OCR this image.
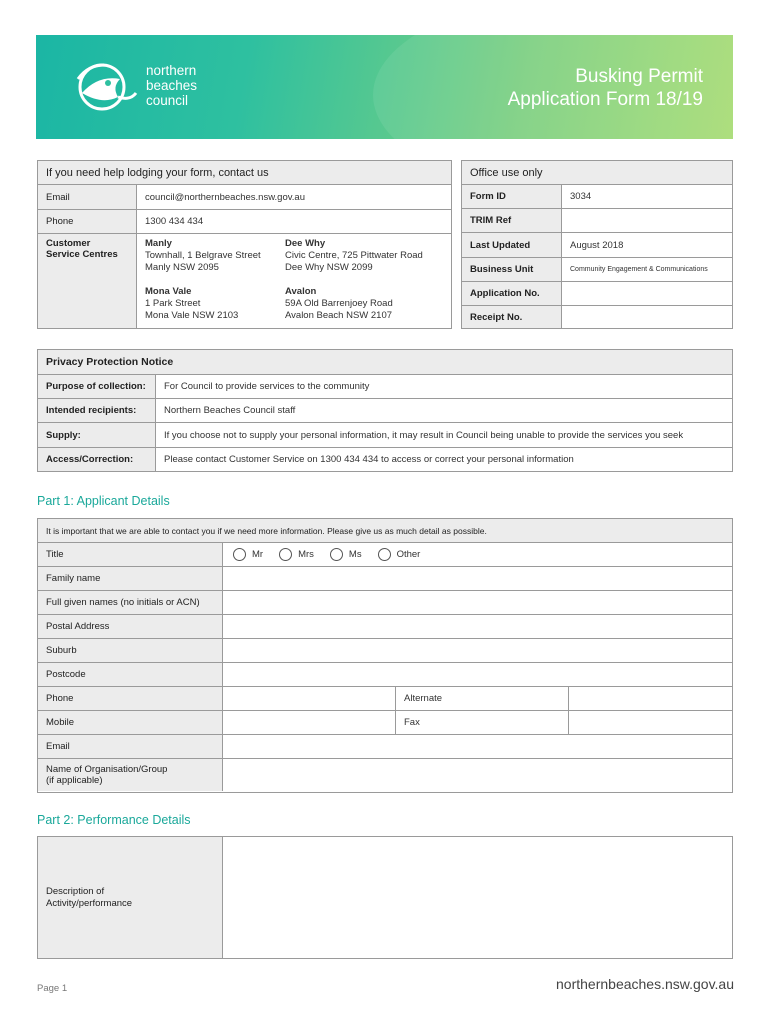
northern
beaches
council
Busking Permit
Application Form 18/19
If you need help lodging your form, contact us
Email	council@northernbeaches.nsw.gov.au
Phone	1300 434 434
Customer
Service Centres
Manly
Townhall, 1 Belgrave Street
Manly NSW 2095
Dee Why
Civic Centre, 725 Pittwater Road
Dee Why NSW 2099
Mona Vale
1 Park Street
Mona Vale NSW 2103
Avalon
59A Old Barrenjoey Road
Avalon Beach NSW 2107
Office use only
Form ID	3034
TRIM Ref
Last Updated	August 2018
Business Unit	Community Engagement & Communications
Application No.
Receipt No.
Privacy Protection Notice
Purpose of collection:	For Council to provide services to the community
Intended recipients:	Northern Beaches Council staff
Supply:	If you choose not to supply your personal information, it may result in Council being unable to provide the services you seek
Access/Correction:	Please contact Customer Service on 1300 434 434 to access or correct your personal information
Part 1: Applicant Details
It is important that we are able to contact you if we need more information. Please give us as much detail as possible.
Title	Mr	Mrs	Ms	Other
Family name
Full given names (no initials or ACN)
Postal Address
Suburb
Postcode
Phone	Alternate
Mobile	Fax
Email
Name of Organisation/Group
(if applicable)
Part 2: Performance Details
Description of
Activity/performance
Page 1	northernbeaches.nsw.gov.au
